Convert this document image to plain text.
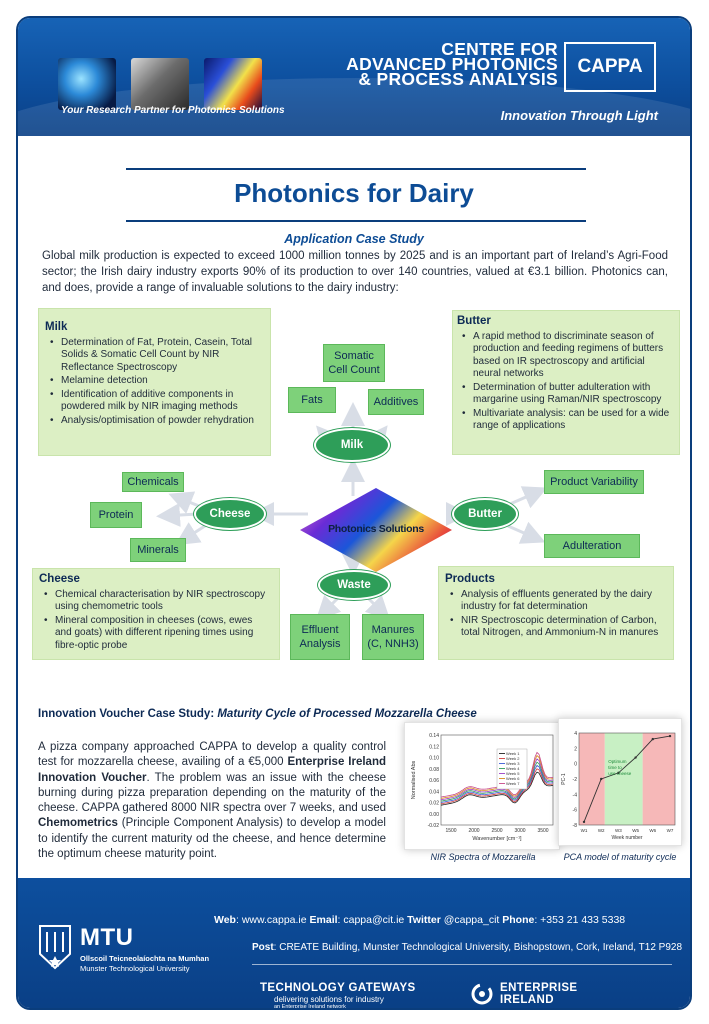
Your Research Partner for Photonics Solutions
CENTRE FOR
ADVANCED PHOTONICS
& PROCESS ANALYSIS
CAPPA
Innovation Through Light
Photonics for Dairy
Application Case Study
Global milk production is expected to exceed 1000 million tonnes by 2025 and is an important part of Ireland’s Agri-Food sector; the Irish dairy industry exports 90% of its production to over 140 countries, valued at €3.1 billion. Photonics can, and does, provide a range of invaluable solutions to the dairy industry:
Milk
• Determination of Fat, Protein, Casein, Total Solids & Somatic Cell Count by NIR Reflectance Spectroscopy
• Melamine detection
• Identification of additive components in powdered milk by NIR imaging methods
• Analysis/optimisation of powder rehydration
Butter
• A rapid method to discriminate season of production and feeding regimens of butters based on IR spectroscopy and artificial neural networks
• Determination of butter adulteration with margarine using Raman/NIR spectroscopy
• Multivariate analysis: can be used for a wide range of applications
Cheese
• Chemical characterisation by NIR spectroscopy using chemometric tools
• Mineral composition in cheeses (cows, ewes and goats) with different ripening times using fibre-optic probe
Products
• Analysis of effluents generated by the dairy industry for fat determination
• NIR Spectroscopic determination of Carbon, total Nitrogen, and Ammonium-N in manures
Somatic Cell Count
Fats	Additives
Chemicals
Protein
Minerals
Product Variability
Adulteration
Effluent Analysis
Manures (C, NNH3)
Photonics Solutions
Milk
Cheese	Butter
Waste
Innovation Voucher Case Study: Maturity Cycle of Processed Mozzarella Cheese
A pizza company approached CAPPA to develop a quality control test for mozzarella cheese, availing of a €5,000 Enterprise Ireland Innovation Voucher. The problem was an issue with the cheese burning during pizza preparation depending on the maturity of the cheese. CAPPA gathered 8000 NIR spectra over 7 weeks, and used Chemometrics (Principle Component Analysis) to develop a model to identify the current maturity od the cheese, and hence determine the optimum cheese maturity point.
0.14
0.12
0.10
0.08
0.06
0.04
0.02
0.00
-0.02
1500 2000 2500 3000 3500
Wavenumber [cm⁻¹]
Normalised Abs
Week 1
Week 2
Week 3
Week 4
Week 5
Week 6
Week 7
NIR Spectra of Mozzarella
4
2
0
-2
-4
-6
-8
W1 W2 W3 W5 W6 W7
Week number
PC-1
Optimum
time to
use cheese
PCA model of maturity cycle
MTU
Ollscoil Teicneolaíochta na Mumhan
Munster Technological University
Web: www.cappa.ie Email: cappa@cit.ie Twitter @cappa_cit Phone: +353 21 433 5338
Post: CREATE Building, Munster Technological University, Bishopstown, Cork, Ireland, T12 P928
TECHNOLOGY GATEWAYS
delivering solutions for industry
an Enterprise Ireland network
ENTERPRISE
IRELAND
